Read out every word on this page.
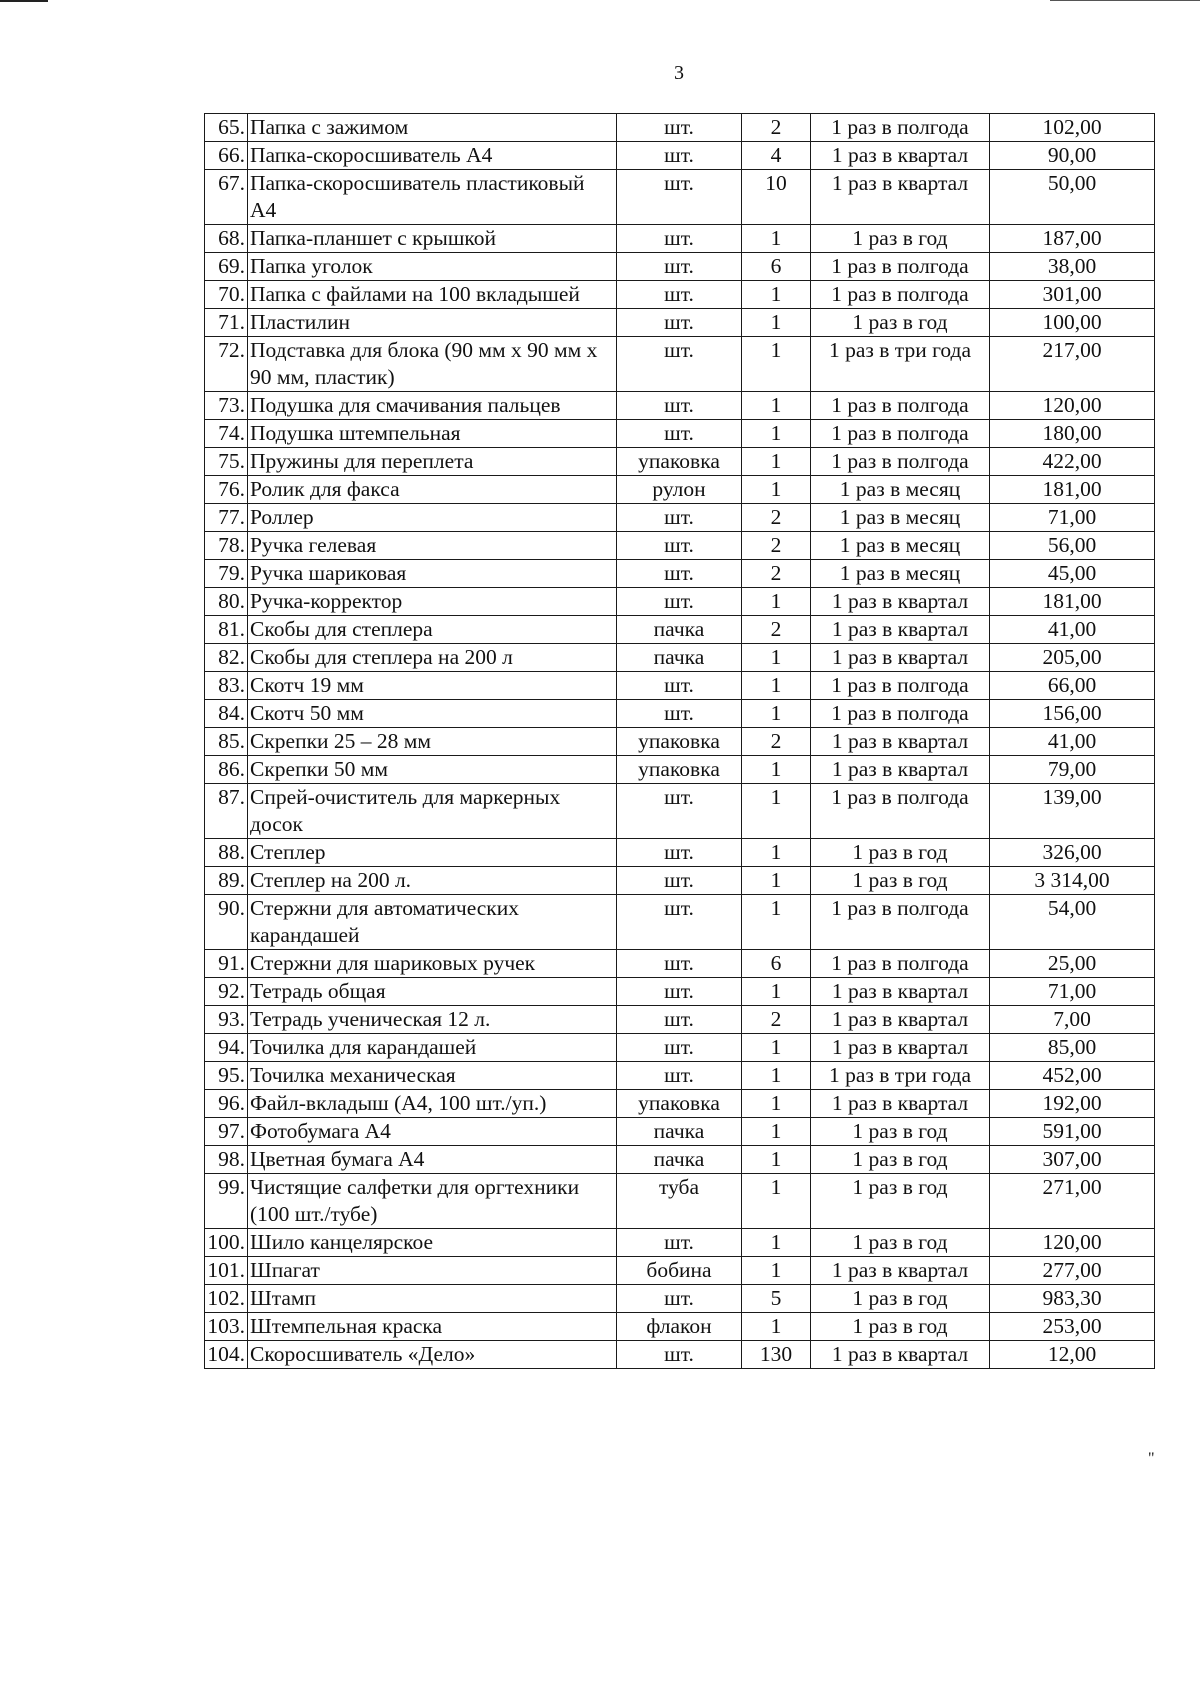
3
65.	Папка с зажимом	шт.	2	1 раз в полгода	102,00
66.	Папка-скоросшиватель А4	шт.	4	1 раз в квартал	90,00
67.	Папка-скоросшиватель пластиковый А4	шт.	10	1 раз в квартал	50,00
68.	Папка-планшет с крышкой	шт.	1	1 раз в год	187,00
69.	Папка уголок	шт.	6	1 раз в полгода	38,00
70.	Папка с файлами на 100 вкладышей	шт.	1	1 раз в полгода	301,00
71.	Пластилин	шт.	1	1 раз в год	100,00
72.	Подставка для блока (90 мм х 90 мм х 90 мм, пластик)	шт.	1	1 раз в три года	217,00
73.	Подушка для смачивания пальцев	шт.	1	1 раз в полгода	120,00
74.	Подушка штемпельная	шт.	1	1 раз в полгода	180,00
75.	Пружины для переплета	упаковка	1	1 раз в полгода	422,00
76.	Ролик для факса	рулон	1	1 раз в месяц	181,00
77.	Роллер	шт.	2	1 раз в месяц	71,00
78.	Ручка гелевая	шт.	2	1 раз в месяц	56,00
79.	Ручка шариковая	шт.	2	1 раз в месяц	45,00
80.	Ручка-корректор	шт.	1	1 раз в квартал	181,00
81.	Скобы для степлера	пачка	2	1 раз в квартал	41,00
82.	Скобы для степлера на 200 л	пачка	1	1 раз в квартал	205,00
83.	Скотч 19 мм	шт.	1	1 раз в полгода	66,00
84.	Скотч 50 мм	шт.	1	1 раз в полгода	156,00
85.	Скрепки 25 – 28 мм	упаковка	2	1 раз в квартал	41,00
86.	Скрепки 50 мм	упаковка	1	1 раз в квартал	79,00
87.	Спрей-очиститель для маркерных досок	шт.	1	1 раз в полгода	139,00
88.	Степлер	шт.	1	1 раз в год	326,00
89.	Степлер на 200 л.	шт.	1	1 раз в год	3 314,00
90.	Стержни для автоматических карандашей	шт.	1	1 раз в полгода	54,00
91.	Стержни для шариковых ручек	шт.	6	1 раз в полгода	25,00
92.	Тетрадь общая	шт.	1	1 раз в квартал	71,00
93.	Тетрадь ученическая 12 л.	шт.	2	1 раз в квартал	7,00
94.	Точилка для карандашей	шт.	1	1 раз в квартал	85,00
95.	Точилка механическая	шт.	1	1 раз в три года	452,00
96.	Файл-вкладыш (А4, 100 шт./уп.)	упаковка	1	1 раз в квартал	192,00
97.	Фотобумага А4	пачка	1	1 раз в год	591,00
98.	Цветная бумага А4	пачка	1	1 раз в год	307,00
99.	Чистящие салфетки для оргтехники (100 шт./тубе)	туба	1	1 раз в год	271,00
100.	Шило канцелярское	шт.	1	1 раз в год	120,00
101.	Шпагат	бобина	1	1 раз в квартал	277,00
102.	Штамп	шт.	5	1 раз в год	983,30
103.	Штемпельная краска	флакон	1	1 раз в год	253,00
104.	Скоросшиватель «Дело»	шт.	130	1 раз в квартал	12,00
"
